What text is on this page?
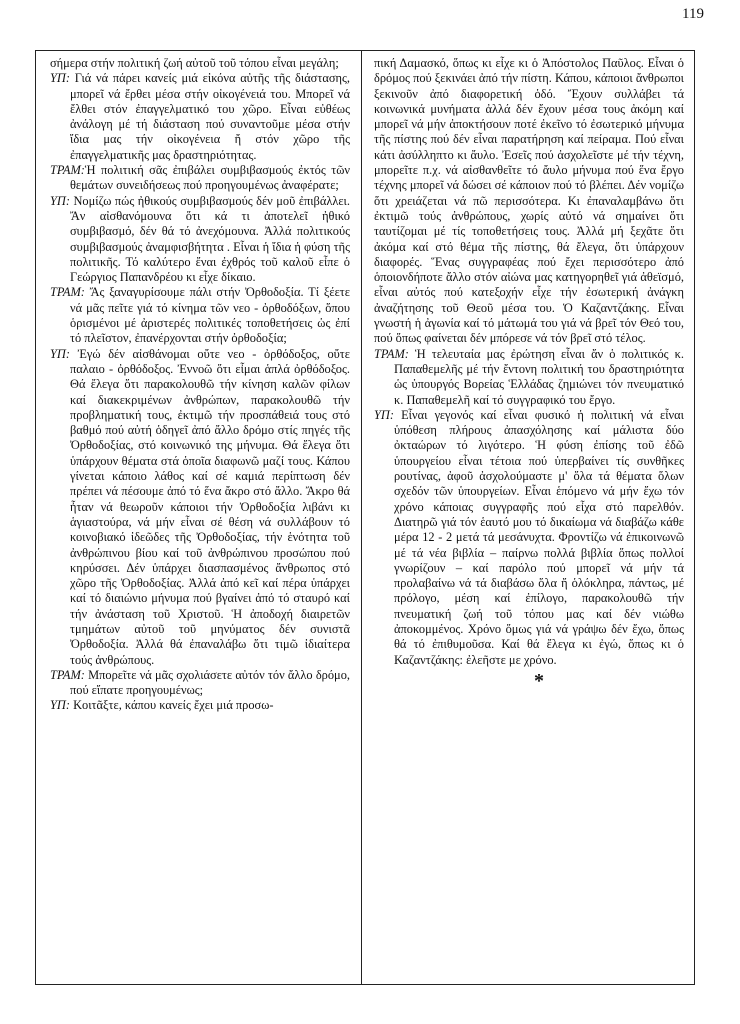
119

σήμερα στήν πολιτική ζωή αὐτοῦ τοῦ τόπου εἶναι μεγάλη;

ΥΠ: Γιά νά πάρει κανείς μιά εἰκόνα αὐτῆς τῆς διάστασης, μπορεῖ νά ἔρθει μέσα στήν οἰκογένειά του. Μπορεῖ νά ἔλθει στόν ἐπαγγελματικό του χῶρο. Εἶναι εὐθέως ἀνάλογη μέ τή διάσταση πού συναντοῦμε μέσα στήν ἴδια μας τήν οἰκογένεια ἤ στόν χῶρο τῆς ἐπαγγελματικῆς μας δραστηριότητας.

ΤΡΑΜ:Ἡ πολιτική σᾶς ἐπιβάλει συμβιβασμούς ἐκτός τῶν θεμάτων συνειδήσεως πού προηγουμένως ἀναφέρατε;

ΥΠ: Νομίζω πώς ἠθικούς συμβιβασμούς δέν μοῦ ἐπιβάλλει. Ἄν αἰσθανόμουνα ὅτι κά τι ἀποτελεῖ ἠθικό συμβιβασμό, δέν θά τό ἀνεχόμουνα. Ἀλλά πολιτικούς συμβιβασμούς ἀναμφισβήτητα . Εἶναι ἡ ἴδια ἡ φύση τῆς πολιτικῆς. Τό καλύτερο ἔναι ἐχθρός τοῦ καλοῦ εἶπε ὁ Γεώργιος Παπανδρέου κι εἶχε δίκαιο.

ΤΡΑΜ: Ἄς ξαναγυρίσουμε πάλι στήν Ὀρθοδοξία. Τί ξέετε νά μᾶς πεῖτε γιά τό κίνημα τῶν νεο - ὀρθοδόξων, ὅπου ὁρισμένοι μέ ἀριστερές πολιτικές τοποθετήσεις ὡς ἐπί τό πλεῖστον, ἐπανέρχονται στήν ὀρθοδοξία;

ΥΠ: Ἐγώ δέν αἰσθάνομαι οὔτε νεο - ὀρθόδοξος, οὔτε παλαιο - ὀρθόδοξος. Ἐννοῶ ὅτι εἶμαι ἁπλά ὀρθόδοξος. Θά ἔλεγα ὅτι παρακολουθῶ τήν κίνηση καλῶν φίλων καί διακεκριμένων ἀνθρώπων, παρακολουθῶ τήν προβληματική τους, ἐκτιμῶ τήν προσπάθειά τους στό βαθμό πού αὐτή ὁδηγεῖ ἀπό ἄλλο δρόμο στίς πηγές τῆς Ὀρθοδοξίας, στό κοινωνικό της μήνυμα. Θά ἔλεγα ὅτι ὑπάρχουν θέματα στά ὁποῖα διαφωνῶ μαζί τους. Κάπου γίνεται κάποιο λάθος καί σέ καμιά περίπτωση δέν πρέπει νά πέσουμε ἀπό τό ἕνα ἄκρο στό ἄλλο. Ἄκρο θά ἦταν νά θεωροῦν κάποιοι τήν Ὀρθοδοξία λιβάνι κι ἁγιαστούρα, νά μήν εἶναι σέ θέση νά συλλάβουν τό κοινοβιακό ἰδεῶδες τῆς Ὀρθοδοξίας, τήν ἑνότητα τοῦ ἀνθρώπινου βίου καί τοῦ ἀνθρώπινου προσώπου πού κηρύσσει. Δέν ὑπάρχει διασπασμένος ἄνθρωπος στό χῶρο τῆς Ὀρθοδοξίας. Ἀλλά ἀπό κεῖ καί πέρα ὑπάρχει καί τό διαιώνιο μήνυμα πού βγαίνει ἀπό τό σταυρό καί τήν ἀνάσταση τοῦ Χριστοῦ. Ἡ ἀποδοχή διαιρετῶν τμημάτων αὐτοῦ τοῦ μηνύματος δέν συνιστᾶ Ὀρθοδοξία. Ἀλλά θά ἐπαναλάβω ὅτι τιμῶ ἰδιαίτερα τούς ἀνθρώπους.

ΤΡΑΜ: Μπορεῖτε νά μᾶς σχολιάσετε αὐτόν τόν ἄλλο δρόμο, πού εἴπατε προηγουμένως;

ΥΠ: Κοιτᾶξτε, κάπου κανείς ἔχει μιά προσω-

πική Δαμασκό, ὅπως κι εἶχε κι ὁ Ἀπόστολος Παῦλος. Εἶναι ὁ δρόμος πού ξεκινάει ἀπό τήν πίστη. Κάπου, κάποιοι ἄνθρωποι ξεκινοῦν ἀπό διαφορετική ὁδό. Ἔχουν συλλάβει τά κοινωνικά μυνήματα ἀλλά δέν ἔχουν μέσα τους ἀκόμη καί μπορεῖ νά μήν ἀποκτήσουν ποτέ ἐκεῖνο τό ἐσωτερικό μήνυμα τῆς πίστης πού δέν εἶναι παρατήρηση καί πείραμα. Πού εἶναι κάτι ἀσύλληπτο κι ἄυλο. Ἐσεῖς πού ἀσχολεῖστε μέ τήν τέχνη, μπορεῖτε π.χ. νά αἰσθανθεῖτε τό ἄυλο μήνυμα πού ἕνα ἔργο τέχνης μπορεῖ νά δώσει σέ κάποιον πού τό βλέπει. Δέν νομίζω ὅτι χρειάζεται νά πῶ περισσότερα. Κι ἐπαναλαμβάνω ὅτι ἐκτιμῶ τούς ἀνθρώπους, χωρίς αὐτό νά σημαίνει ὅτι ταυτίζομαι μέ τίς τοποθετήσεις τους. Ἀλλά μή ξεχᾶτε ὅτι ἀκόμα καί στό θέμα τῆς πίστης, θά ἔλεγα, ὅτι ὑπάρχουν διαφορές. Ἕνας συγγραφέας πού ἔχει περισσότερο ἀπό ὁποιονδήποτε ἄλλο στόν αἰώνα μας κατηγορηθεῖ γιά ἀθεϊσμό, εἶναι αὐτός πού κατεξοχήν εἶχε τήν ἐσωτερική ἀνάγκη ἀναζήτησης τοῦ Θεοῦ μέσα του. Ὁ Καζαντζάκης. Εἶναι γνωστή ἡ ἀγωνία καί τό μάτωμά του γιά νά βρεῖ τόν Θεό του, πού ὅπως φαίνεται δέν μπόρεσε νά τόν βρεῖ στό τέλος.

ΤΡΑΜ: Ἡ τελευταία μας ἐρώτηση εἶναι ἄν ὁ πολιτικός κ. Παπαθεμελῆς μέ τήν ἔντονη πολιτική του δραστηριότητα ὡς ὑπουργός Βορείας Ἑλλάδας ζημιώνει τόν πνευματικό κ. Παπαθεμελῆ καί τό συγγραφικό του ἔργο.

ΥΠ: Εἶναι γεγονός καί εἶναι φυσικό ἡ πολιτική νά εἶναι ὑπόθεση πλήρους ἀπασχόλησης καί μάλιστα δύο ὀκταώρων τό λιγότερο. Ἡ φύση ἐπίσης τοῦ ἐδῶ ὑπουργείου εἶναι τέτοια πού ὑπερβαίνει τίς συνθῆκες ρουτίνας, ἀφοῦ ἀσχολούμαστε μ' ὅλα τά θέματα ὅλων σχεδόν τῶν ὑπουργείων. Εἶναι ἑπόμενο νά μήν ἔχω τόν χρόνο κάποιας συγγραφῆς πού εἶχα στό παρελθόν. Διατηρῶ γιά τόν ἑαυτό μου τό δικαίωμα νά διαβάζω κάθε μέρα 12 - 2 μετά τά μεσάνυχτα. Φροντίζω νά ἐπικοινωνῶ μέ τά νέα βιβλία – παίρνω πολλά βιβλία ὅπως πολλοί γνωρίζουν – καί παρόλο πού μπορεῖ νά μήν τά προλαβαίνω νά τά διαβάσω ὅλα ἤ ὁλόκληρα, πάντως, μέ πρόλογο, μέση καί ἐπίλογο, παρακολουθῶ τήν πνευματική ζωή τοῦ τόπου μας καί δέν νιώθω ἀποκομμένος. Χρόνο ὅμως γιά νά γράψω δέν ἔχω, ὅπως θά τό ἐπιθυμοῦσα. Καί θά ἔλεγα κι ἐγώ, ὅπως κι ὁ Καζαντζάκης: ἐλεῆστε με χρόνο.

*
